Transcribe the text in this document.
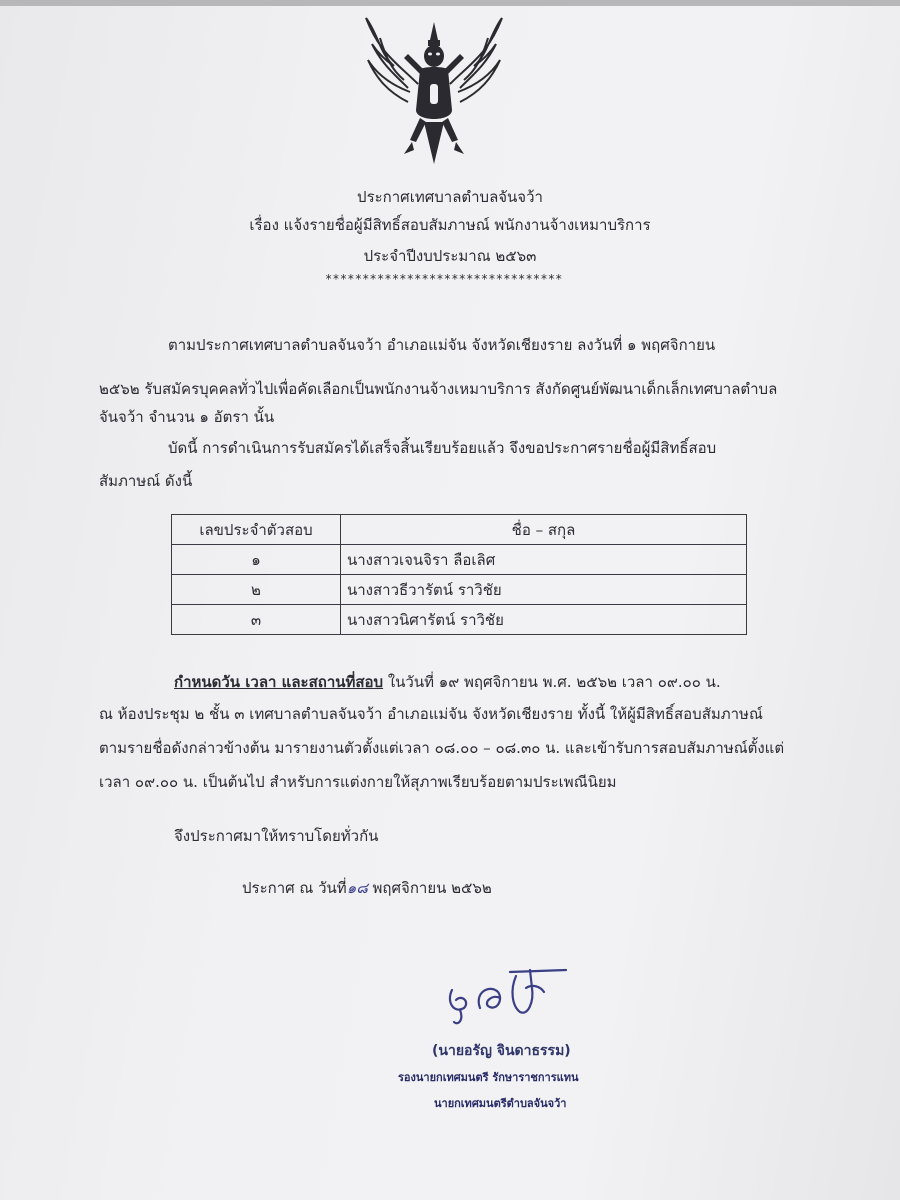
ประกาศเทศบาลตำบลจันจว้า
เรื่อง แจ้งรายชื่อผู้มีสิทธิ์สอบสัมภาษณ์ พนักงานจ้างเหมาบริการ
ประจำปีงบประมาณ ๒๕๖๓
********************************
ตามประกาศเทศบาลตำบลจันจว้า อำเภอแม่จัน จังหวัดเชียงราย ลงวันที่ ๑ พฤศจิกายน
๒๕๖๒ รับสมัครบุคคลทั่วไปเพื่อคัดเลือกเป็นพนักงานจ้างเหมาบริการ สังกัดศูนย์พัฒนาเด็กเล็กเทศบาลตำบล
จันจว้า จำนวน ๑ อัตรา นั้น
บัดนี้ การดำเนินการรับสมัครได้เสร็จสิ้นเรียบร้อยแล้ว จึงขอประกาศรายชื่อผู้มีสิทธิ์สอบ
สัมภาษณ์ ดังนี้
เลขประจำตัวสอบ	ชื่อ – สกุล
๑	นางสาวเจนจิรา ลือเลิศ
๒	นางสาวธีวารัตน์ ราวิชัย
๓	นางสาวนิศารัตน์ ราวิชัย
กำหนดวัน เวลา และสถานที่สอบ ในวันที่ ๑๙ พฤศจิกายน พ.ศ. ๒๕๖๒ เวลา ๐๙.๐๐ น.
ณ ห้องประชุม ๒ ชั้น ๓ เทศบาลตำบลจันจว้า อำเภอแม่จัน จังหวัดเชียงราย ทั้งนี้ ให้ผู้มีสิทธิ์สอบสัมภาษณ์
ตามรายชื่อดังกล่าวข้างต้น มารายงานตัวตั้งแต่เวลา ๐๘.๐๐ – ๐๘.๓๐ น. และเข้ารับการสอบสัมภาษณ์ตั้งแต่
เวลา ๐๙.๐๐ น. เป็นต้นไป สำหรับการแต่งกายให้สุภาพเรียบร้อยตามประเพณีนิยม
จึงประกาศมาให้ทราบโดยทั่วกัน
ประกาศ ณ วันที่๑๘ พฤศจิกายน ๒๕๖๒
(นายอรัญ จินดาธรรม)
รองนายกเทศมนตรี รักษาราชการแทน
นายกเทศมนตรีตำบลจันจว้า
